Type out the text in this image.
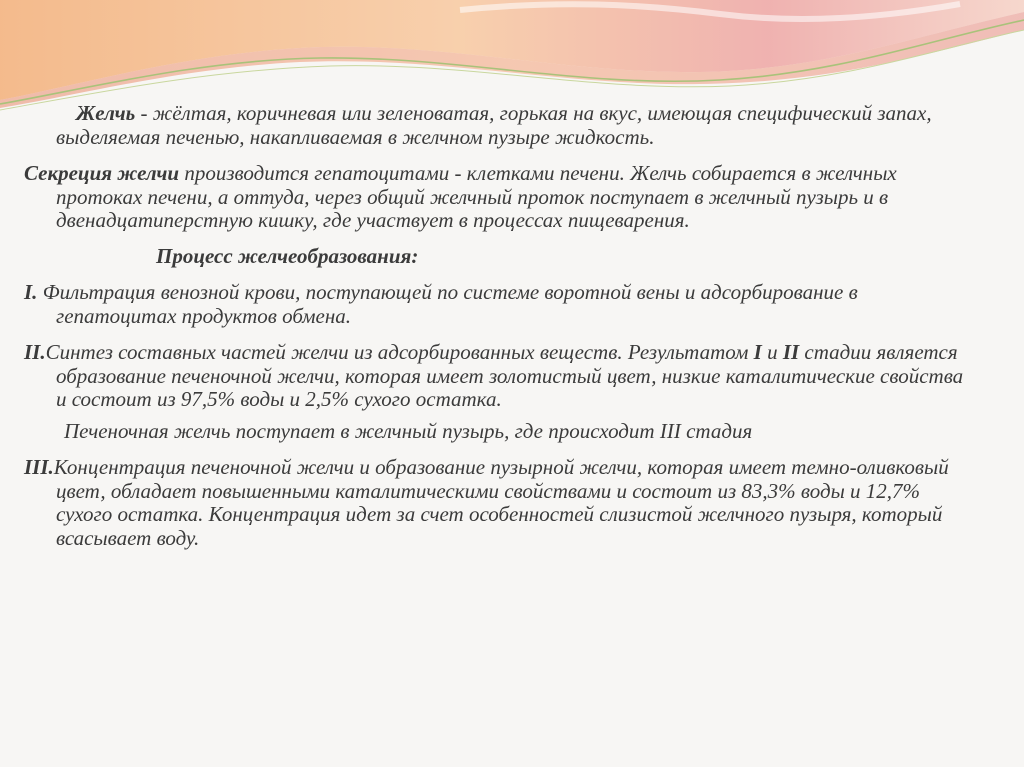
Желчь - жёлтая, коричневая или зеленоватая, горькая на вкус, имеющая специфический запах, выделяемая печенью, накапливаемая в желчном пузыре жидкость.

Секреция желчи производится гепатоцитами - клетками печени. Желчь собирается в желчных протоках печени, а оттуда, через общий желчный проток поступает в желчный пузырь и в двенадцатиперстную кишку, где участвует в процессах пищеварения.

Процесс желчеобразования:

I. Фильтрация венозной крови, поступающей по системе воротной вены и адсорбирование в гепатоцитах продуктов обмена.

II.Синтез составных частей желчи из адсорбированных веществ. Результатом I и II стадии является образование печеночной желчи, которая имеет золотистый цвет, низкие каталитические свойства и состоит из 97,5% воды и 2,5% сухого остатка.

Печеночная желчь поступает в желчный пузырь, где происходит III стадия

III.Концентрация печеночной желчи и образование пузырной желчи, которая имеет темно-оливковый цвет, обладает повышенными каталитическими свойствами и состоит из 83,3% воды и 12,7% сухого остатка. Концентрация идет за счет особенностей слизистой желчного пузыря, который всасывает воду.
